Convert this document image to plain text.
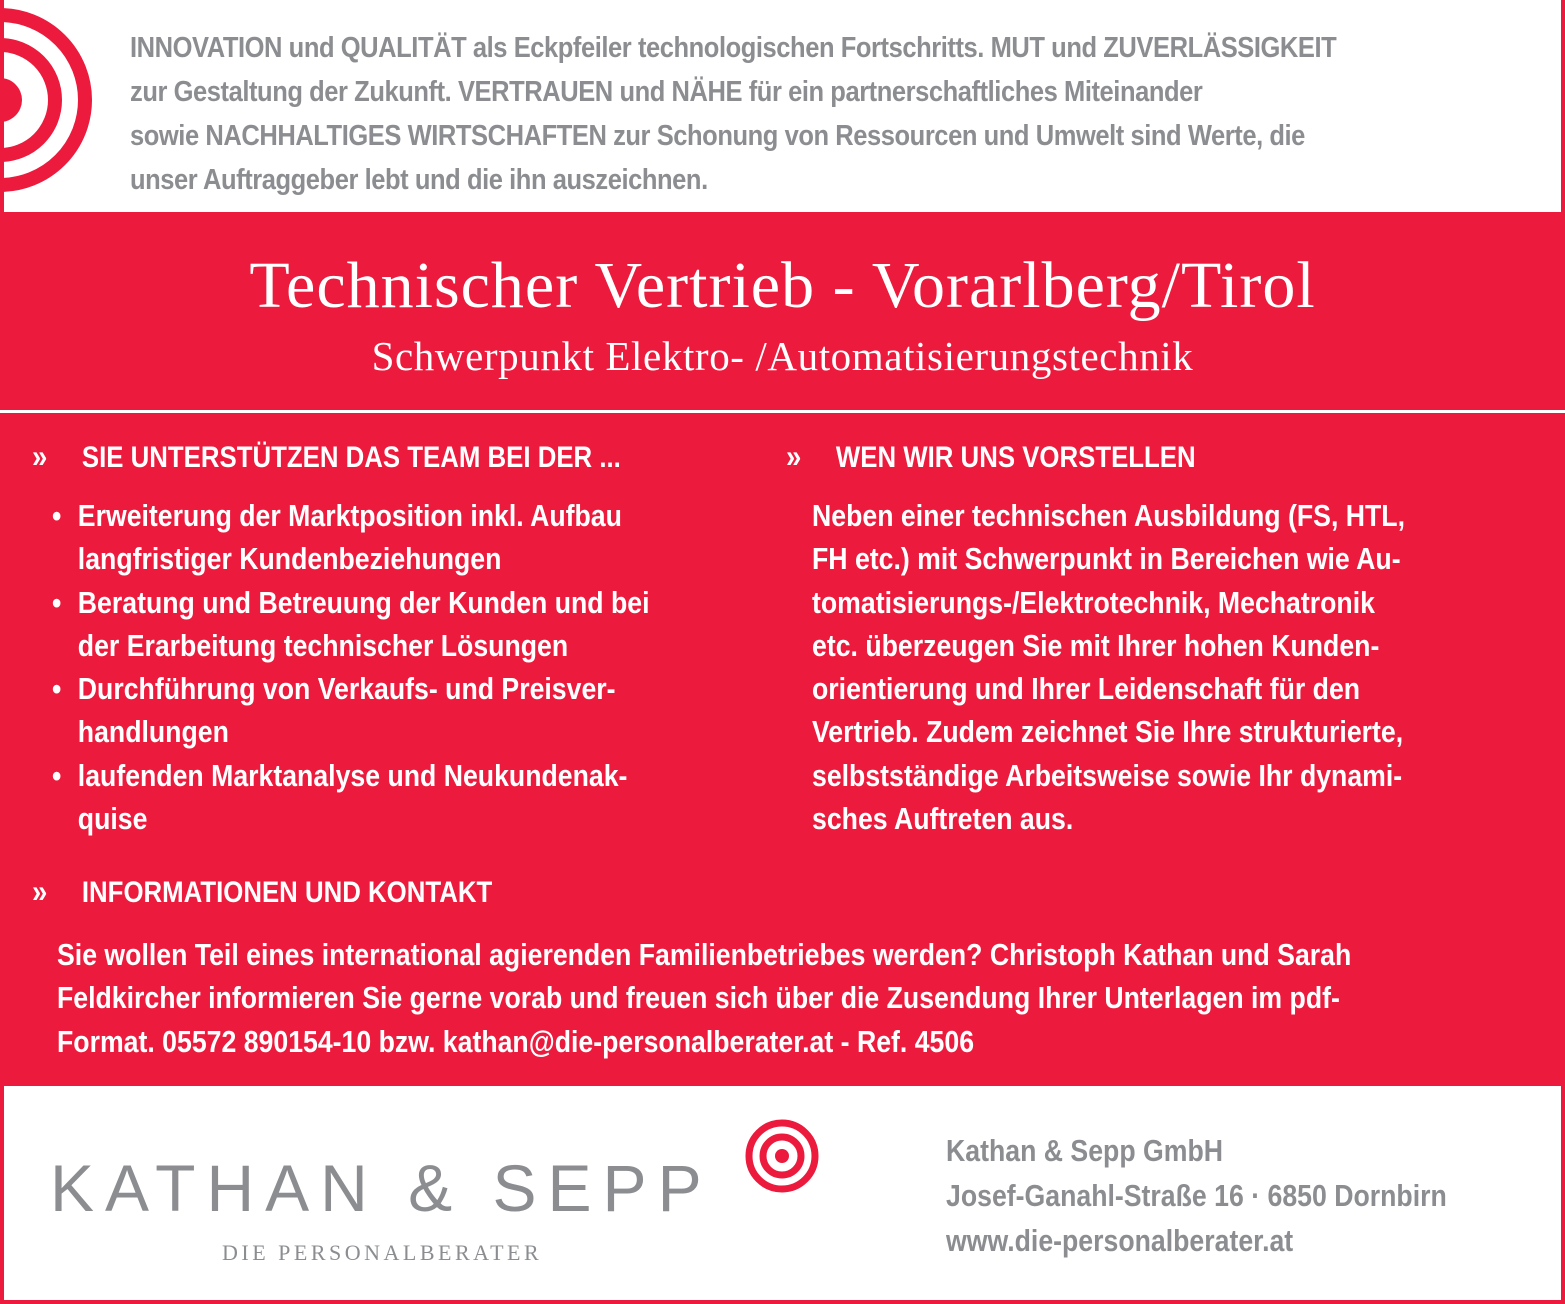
INNOVATION und QUALITÄT als Eckpfeiler technologischen Fortschritts. MUT und ZUVERLÄSSIGKEIT
zur Gestaltung der Zukunft. VERTRAUEN und NÄHE für ein partnerschaftliches Miteinander
sowie NACHHALTIGES WIRTSCHAFTEN zur Schonung von Ressourcen und Umwelt sind Werte, die
unser Auftraggeber lebt und die ihn auszeichnen.
Technischer Vertrieb - Vorarlberg/Tirol
Schwerpunkt Elektro- /Automatisierungstechnik
» SIE UNTERSTÜTZEN DAS TEAM BEI DER ...
• Erweiterung der Marktposition inkl. Aufbau
langfristiger Kundenbeziehungen
• Beratung und Betreuung der Kunden und bei
der Erarbeitung technischer Lösungen
• Durchführung von Verkaufs- und Preisver-
handlungen
• laufenden Marktanalyse und Neukundenak-
quise
» WEN WIR UNS VORSTELLEN
Neben einer technischen Ausbildung (FS, HTL,
FH etc.) mit Schwerpunkt in Bereichen wie Au-
tomatisierungs-/Elektrotechnik, Mechatronik
etc. überzeugen Sie mit Ihrer hohen Kunden-
orientierung und Ihrer Leidenschaft für den
Vertrieb. Zudem zeichnet Sie Ihre strukturierte,
selbstständige Arbeitsweise sowie Ihr dynami-
sches Auftreten aus.
» INFORMATIONEN UND KONTAKT
Sie wollen Teil eines international agierenden Familienbetriebes werden? Christoph Kathan und Sarah
Feldkircher informieren Sie gerne vorab und freuen sich über die Zusendung Ihrer Unterlagen im pdf-
Format. 05572 890154-10 bzw. kathan@die-personalberater.at - Ref. 4506
KATHAN & SEPP
DIE PERSONALBERATER
Kathan & Sepp GmbH
Josef-Ganahl-Straße 16 · 6850 Dornbirn
www.die-personalberater.at
